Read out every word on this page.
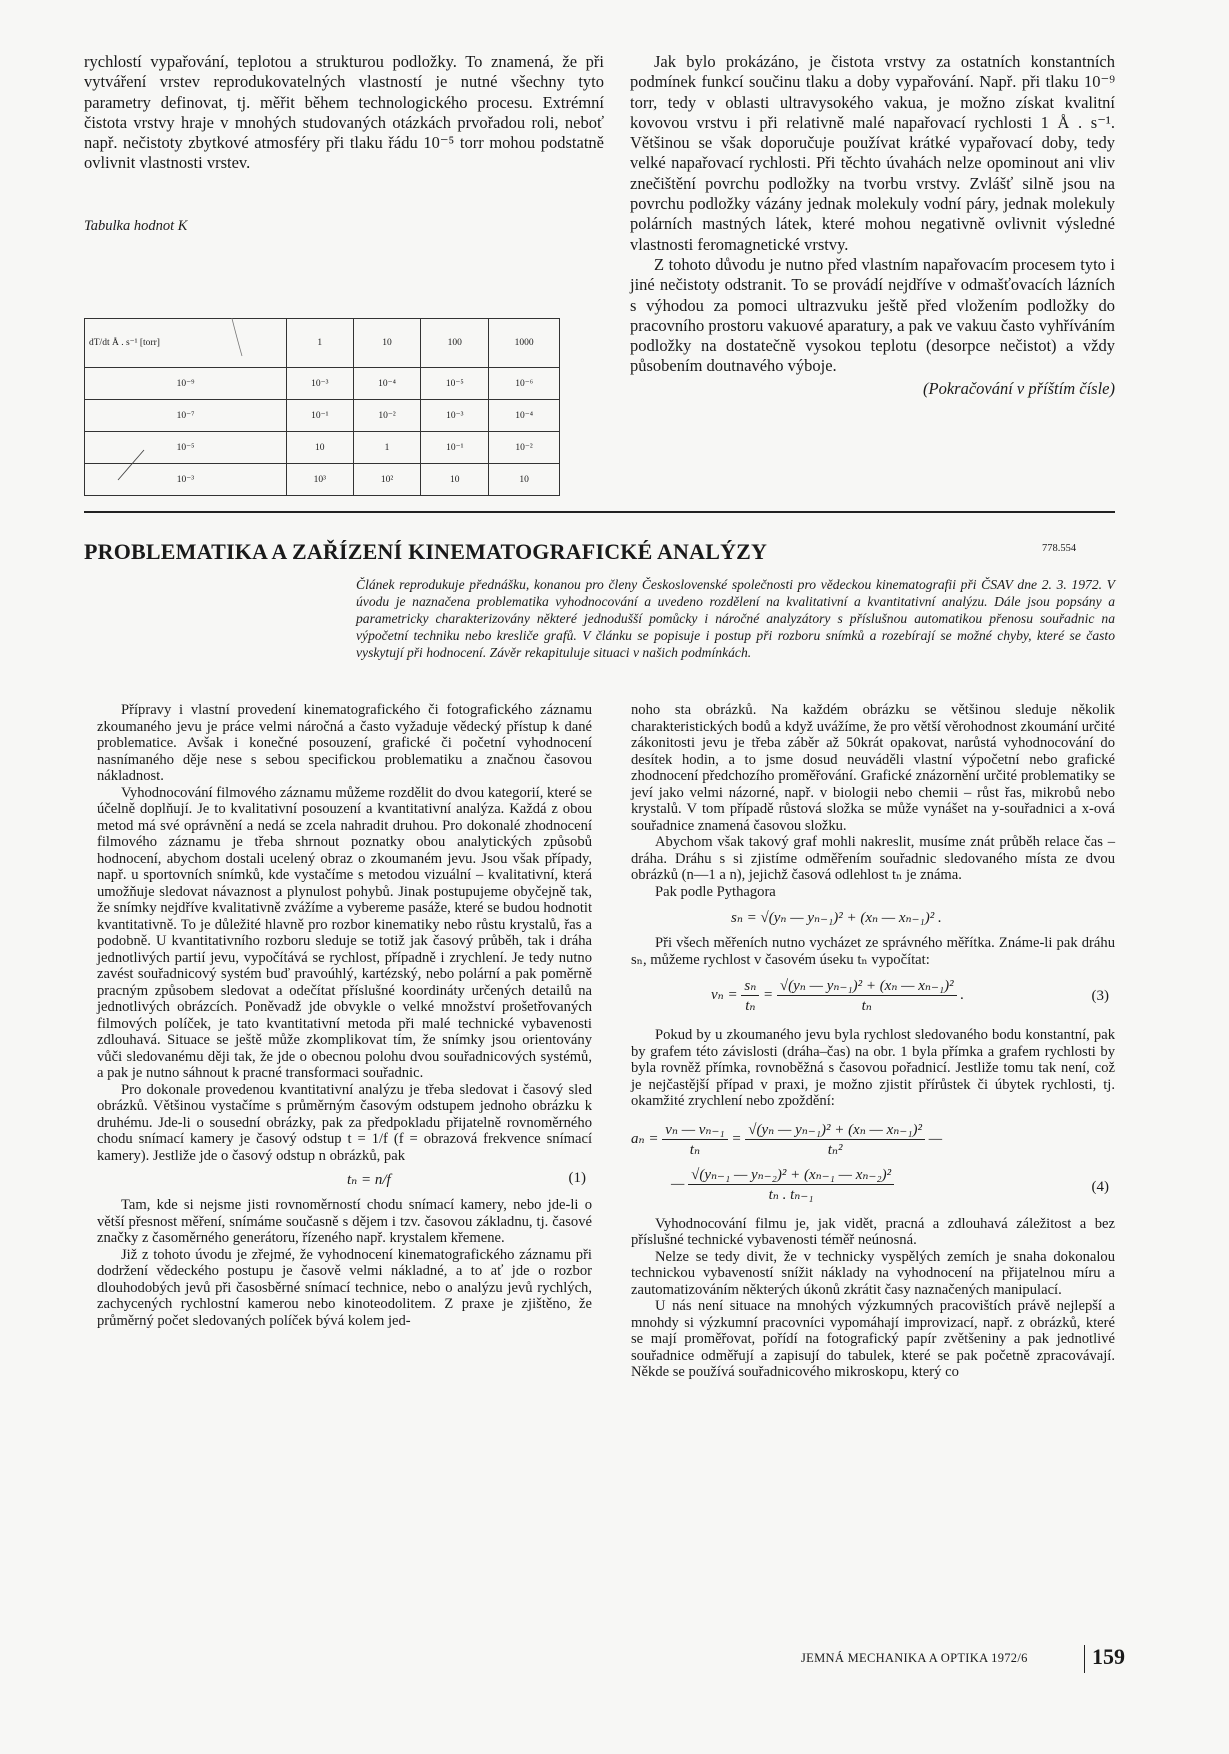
rychlostí vypařování, teplotou a strukturou podložky. To znamená, že při vytváření vrstev reprodukovatelných vlastností je nutné všechny tyto parametry definovat, tj. měřit během technologického procesu. Extrémní čistota vrstvy hraje v mnohých studovaných otázkách prvořadou roli, neboť např. nečistoty zbytkové atmosféry při tlaku řádu 10⁻⁵ torr mohou podstatně ovlivnit vlastnosti vrstev.

Tabulka hodnot K

dT/dt Å . s⁻¹ [torr]	1	10	100	1000
10⁻⁹	10⁻³	10⁻⁴	10⁻⁵	10⁻⁶
10⁻⁷	10⁻¹	10⁻²	10⁻³	10⁻⁴
10⁻⁵	10	1	10⁻¹	10⁻²
10⁻³	10³	10²	10	10

Jak bylo prokázáno, je čistota vrstvy za ostatních konstantních podmínek funkcí součinu tlaku a doby vypařování. Např. při tlaku 10⁻⁹ torr, tedy v oblasti ultravysokého vakua, je možno získat kvalitní kovovou vrstvu i při relativně malé napařovací rychlosti 1 Å . s⁻¹. Většinou se však doporučuje používat krátké vypařovací doby, tedy velké napařovací rychlosti. Při těchto úvahách nelze opominout ani vliv znečištění povrchu podložky na tvorbu vrstvy. Zvlášť silně jsou na povrchu podložky vázány jednak molekuly vodní páry, jednak molekuly polárních mastných látek, které mohou negativně ovlivnit výsledné vlastnosti feromagnetické vrstvy.

Z tohoto důvodu je nutno před vlastním napařovacím procesem tyto i jiné nečistoty odstranit. To se provádí nejdříve v odmašťovacích lázních s výhodou za pomoci ultrazvuku ještě před vložením podložky do pracovního prostoru vakuové aparatury, a pak ve vakuu často vyhříváním podložky na dostatečně vysokou teplotu (desorpce nečistot) a vždy působením doutnavého výboje.

(Pokračování v příštím čísle)

PROBLEMATIKA A ZAŘÍZENÍ KINEMATOGRAFICKÉ ANALÝZY	778.554

Článek reprodukuje přednášku, konanou pro členy Československé společnosti pro vědeckou kinematografii při ČSAV dne 2. 3. 1972. V úvodu je naznačena problematika vyhodnocování a uvedeno rozdělení na kvalitativní a kvantitativní analýzu. Dále jsou popsány a parametricky charakterizovány některé jednodušší pomůcky i náročné analyzátory s příslušnou automatikou přenosu souřadnic na výpočetní techniku nebo kresliče grafů. V článku se popisuje i postup při rozboru snímků a rozebírají se možné chyby, které se často vyskytují při hodnocení. Závěr rekapituluje situaci v našich podmínkách.

Přípravy i vlastní provedení kinematografického či fotografického záznamu zkoumaného jevu je práce velmi náročná a často vyžaduje vědecký přístup k dané problematice. Avšak i konečné posouzení, grafické či početní vyhodnocení nasnímaného děje nese s sebou specifickou problematiku a značnou časovou nákladnost.

Vyhodnocování filmového záznamu můžeme rozdělit do dvou kategorií, které se účelně doplňují. Je to kvalitativní posouzení a kvantitativní analýza. Každá z obou metod má své oprávnění a nedá se zcela nahradit druhou. Pro dokonalé zhodnocení filmového záznamu je třeba shrnout poznatky obou analytických způsobů hodnocení, abychom dostali ucelený obraz o zkoumaném jevu. Jsou však případy, např. u sportovních snímků, kde vystačíme s metodou vizuální – kvalitativní, která umožňuje sledovat návaznost a plynulost pohybů. Jinak postupujeme obyčejně tak, že snímky nejdříve kvalitativně zvážíme a vybereme pasáže, které se budou hodnotit kvantitativně. To je důležité hlavně pro rozbor kinematiky nebo růstu krystalů, řas a podobně. U kvantitativního rozboru sleduje se totiž jak časový průběh, tak i dráha jednotlivých partií jevu, vypočítává se rychlost, případně i zrychlení. Je tedy nutno zavést souřadnicový systém buď pravoúhlý, kartézský, nebo polární a pak poměrně pracným způsobem sledovat a odečítat příslušné koordináty určených detailů na jednotlivých obrázcích. Poněvadž jde obvykle o velké množství prošetřovaných filmových políček, je tato kvantitativní metoda při malé technické vybavenosti zdlouhavá. Situace se ještě může zkomplikovat tím, že snímky jsou orientovány vůči sledovanému ději tak, že jde o obecnou polohu dvou souřadnicových systémů, a pak je nutno sáhnout k pracné transformaci souřadnic.

Pro dokonale provedenou kvantitativní analýzu je třeba sledovat i časový sled obrázků. Většinou vystačíme s průměrným časovým odstupem jednoho obrázku k druhému. Jde-li o sousední obrázky, pak za předpokladu přijatelně rovnoměrného chodu snímací kamery je časový odstup t = 1/f (f = obrazová frekvence snímací kamery). Jestliže jde o časový odstup n obrázků, pak

tₙ = n/f	(1)

Tam, kde si nejsme jisti rovnoměrností chodu snímací kamery, nebo jde-li o větší přesnost měření, snímáme současně s dějem i tzv. časovou základnu, tj. časové značky z časoměrného generátoru, řízeného např. krystalem křemene.

Již z tohoto úvodu je zřejmé, že vyhodnocení kinematografického záznamu při dodržení vědeckého postupu je časově velmi nákladné, a to ať jde o rozbor dlouhodobých jevů při časosběrné snímací technice, nebo o analýzu jevů rychlých, zachycených rychlostní kamerou nebo kinoteodolitem. Z praxe je zjištěno, že průměrný počet sledovaných políček bývá kolem jed-

noho sta obrázků. Na každém obrázku se většinou sleduje několik charakteristických bodů a když uvážíme, že pro větší věrohodnost zkoumání určité zákonitosti jevu je třeba záběr až 50krát opakovat, narůstá vyhodnocování do desítek hodin, a to jsme dosud neuváděli vlastní výpočetní nebo grafické zhodnocení předchozího proměřování. Grafické znázornění určité problematiky se jeví jako velmi názorné, např. v biologii nebo chemii – růst řas, mikrobů nebo krystalů. V tom případě růstová složka se může vynášet na y-souřadnici a x-ová souřadnice znamená časovou složku.

Abychom však takový graf mohli nakreslit, musíme znát průběh relace čas – dráha. Dráhu s si zjistíme odměřením souřadnic sledovaného místa ze dvou obrázků (n—1 a n), jejichž časová odlehlost tₙ je známa.

Pak podle Pythagora

sₙ = √(yₙ — yₙ₋₁)² + (xₙ — xₙ₋₁)² .

Při všech měřeních nutno vycházet ze správného měřítka. Známe-li pak dráhu sₙ, můžeme rychlost v časovém úseku tₙ vypočítat:

$v_n = \frac{\text{sₙ}}{\text{tₙ}} = \frac{\text{√(yₙ — yₙ₋₁)² + (xₙ — xₙ₋₁)²}}{\text{tₙ}}$ .	(3)

Pokud by u zkoumaného jevu byla rychlost sledovaného bodu konstantní, pak by grafem této závislosti (dráha–čas) na obr. 1 byla přímka a grafem rychlosti by byla rovněž přímka, rovnoběžná s časovou pořadnicí. Jestliže tomu tak není, což je nejčastější případ v praxi, je možno zjistit přírůstek či úbytek rychlosti, tj. okamžité zrychlení nebo zpoždění:

$a_n = \frac{\text{vₙ — vₙ₋₁}}{\text{tₙ}} = \frac{\text{√(yₙ — yₙ₋₁)² + (xₙ — xₙ₋₁)²}}{\text{tₙ²}}$ —
— $\frac{\text{√(yₙ₋₁ — yₙ₋₂)² + (xₙ₋₁ — xₙ₋₂)²}}{\text{tₙ . tₙ₋₁}}$	(4)

Vyhodnocování filmu je, jak vidět, pracná a zdlouhavá záležitost a bez příslušné technické vybavenosti téměř neúnosná.

Nelze se tedy divit, že v technicky vyspělých zemích je snaha dokonalou technickou vybaveností snížit náklady na vyhodnocení na přijatelnou míru a zautomatizováním některých úkonů zkrátit časy naznačených manipulací.

U nás není situace na mnohých výzkumných pracovištích právě nejlepší a mnohdy si výzkumní pracovníci vypomáhají improvizací, např. z obrázků, které se mají proměřovat, pořídí na fotografický papír zvětšeniny a pak jednotlivé souřadnice odměřují a zapisují do tabulek, které se pak početně zpracovávají. Někde se používá souřadnicového mikroskopu, který co

JEMNÁ MECHANIKA A OPTIKA 1972/6	159
